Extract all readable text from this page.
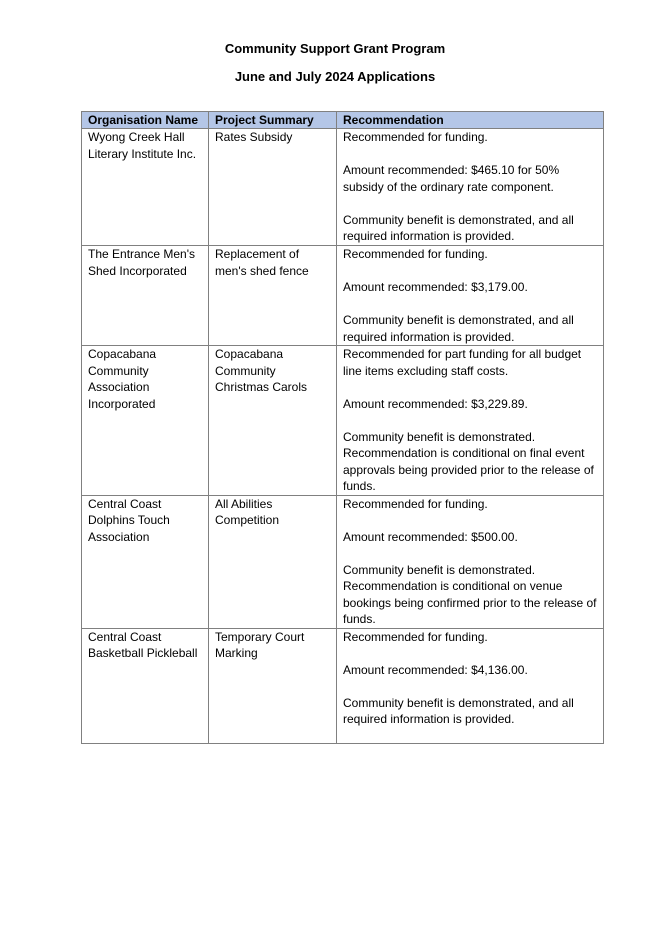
Community Support Grant Program
June and July 2024 Applications
Organisation Name	Project Summary	Recommendation
Wyong Creek Hall Literary Institute Inc.	Rates Subsidy	Recommended for funding.

Amount recommended: $465.10 for 50% subsidy of the ordinary rate component.

Community benefit is demonstrated, and all required information is provided.

The Entrance Men's Shed Incorporated	Replacement of men's shed fence	Recommended for funding.

Amount recommended: $3,179.00.

Community benefit is demonstrated, and all required information is provided.

Copacabana Community Association Incorporated	Copacabana Community Christmas Carols	Recommended for part funding for all budget line items excluding staff costs.

Amount recommended: $3,229.89.

Community benefit is demonstrated. Recommendation is conditional on final event approvals being provided prior to the release of funds.

Central Coast Dolphins Touch Association	All Abilities Competition	Recommended for funding.

Amount recommended: $500.00.

Community benefit is demonstrated. Recommendation is conditional on venue bookings being confirmed prior to the release of funds.

Central Coast Basketball Pickleball	Temporary Court Marking	Recommended for funding.

Amount recommended: $4,136.00.

Community benefit is demonstrated, and all required information is provided.
